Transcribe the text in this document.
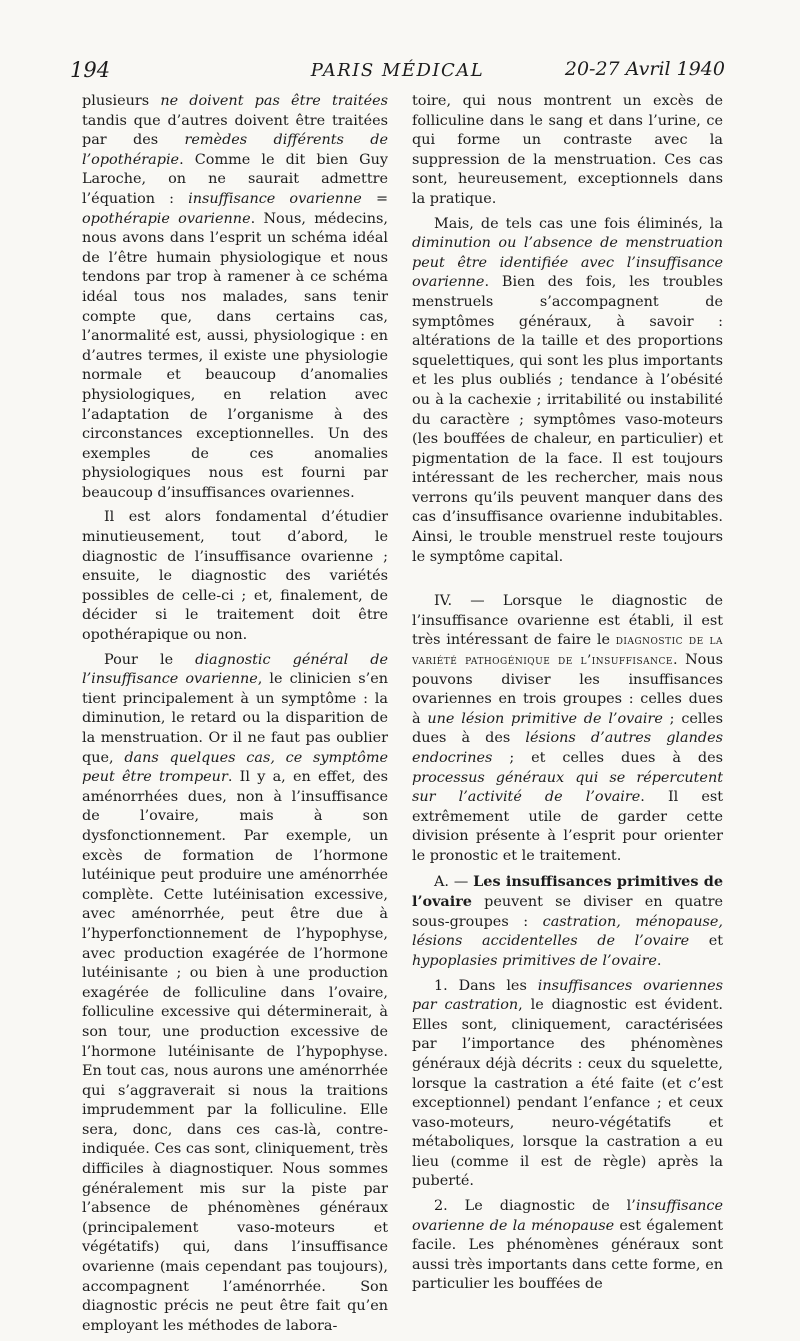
194	PARIS MÉDICAL	20-27 Avril 1940

plusieurs ne doivent pas être traitées tandis que d’autres doivent être traitées par des remèdes différents de l’opothérapie. Comme le dit bien Guy Laroche, on ne saurait admettre l’équation : insuffisance ovarienne = opothérapie ovarienne. Nous, médecins, nous avons dans l’esprit un schéma idéal de l’être humain physiologique et nous tendons par trop à ramener à ce schéma idéal tous nos malades, sans tenir compte que, dans certains cas, l’anormalité est, aussi, physiologique : en d’autres termes, il existe une physiologie normale et beaucoup d’anomalies physiologiques, en relation avec l’adaptation de l’organisme à des circonstances exceptionnelles. Un des exemples de ces anomalies physiologiques nous est fourni par beaucoup d’insuffisances ovariennes.

Il est alors fondamental d’étudier minutieusement, tout d’abord, le diagnostic de l’insuffisance ovarienne ; ensuite, le diagnostic des variétés possibles de celle-ci ; et, finalement, de décider si le traitement doit être opothérapique ou non.

Pour le diagnostic général de l’insuffisance ovarienne, le clinicien s’en tient principalement à un symptôme : la diminution, le retard ou la disparition de la menstruation. Or il ne faut pas oublier que, dans quelques cas, ce symptôme peut être trompeur. Il y a, en effet, des aménorrhées dues, non à l’insuffisance de l’ovaire, mais à son dysfonctionnement. Par exemple, un excès de formation de l’hormone lutéinique peut produire une aménorrhée complète. Cette lutéinisation excessive, avec aménorrhée, peut être due à l’hyperfonctionnement de l’hypophyse, avec production exagérée de l’hormone lutéinisante ; ou bien à une production exagérée de folliculine dans l’ovaire, folliculine excessive qui déterminerait, à son tour, une production excessive de l’hormone lutéinisante de l’hypophyse. En tout cas, nous aurons une aménorrhée qui s’aggraverait si nous la traitions imprudemment par la folliculine. Elle sera, donc, dans ces cas-là, contre-indiquée. Ces cas sont, cliniquement, très difficiles à diagnostiquer. Nous sommes généralement mis sur la piste par l’absence de phénomènes généraux (principalement vaso-moteurs et végétatifs) qui, dans l’insuffisance ovarienne (mais cependant pas toujours), accompagnent l’aménorrhée. Son diagnostic précis ne peut être fait qu’en employant les méthodes de labora-

toire, qui nous montrent un excès de folliculine dans le sang et dans l’urine, ce qui forme un contraste avec la suppression de la menstruation. Ces cas sont, heureusement, exceptionnels dans la pratique.

Mais, de tels cas une fois éliminés, la diminution ou l’absence de menstruation peut être identifiée avec l’insuffisance ovarienne. Bien des fois, les troubles menstruels s’accompagnent de symptômes généraux, à savoir : altérations de la taille et des proportions squelettiques, qui sont les plus importants et les plus oubliés ; tendance à l’obésité ou à la cachexie ; irritabilité ou instabilité du caractère ; symptômes vaso-moteurs (les bouffées de chaleur, en particulier) et pigmentation de la face. Il est toujours intéressant de les rechercher, mais nous verrons qu’ils peuvent manquer dans des cas d’insuffisance ovarienne indubitables. Ainsi, le trouble menstruel reste toujours le symptôme capital.

IV. — Lorsque le diagnostic de l’insuffisance ovarienne est établi, il est très intéressant de faire le diagnostic de la variété pathogénique de l’insuffisance. Nous pouvons diviser les insuffisances ovariennes en trois groupes : celles dues à une lésion primitive de l’ovaire ; celles dues à des lésions d’autres glandes endocrines ; et celles dues à des processus généraux qui se répercutent sur l’activité de l’ovaire. Il est extrêmement utile de garder cette division présente à l’esprit pour orienter le pronostic et le traitement.

A. — Les insuffisances primitives de l’ovaire peuvent se diviser en quatre sous-groupes : castration, ménopause, lésions accidentelles de l’ovaire et hypoplasies primitives de l’ovaire.

1. Dans les insuffisances ovariennes par castration, le diagnostic est évident. Elles sont, cliniquement, caractérisées par l’importance des phénomènes généraux déjà décrits : ceux du squelette, lorsque la castration a été faite (et c’est exceptionnel) pendant l’enfance ; et ceux vaso-moteurs, neuro-végétatifs et métaboliques, lorsque la castration a eu lieu (comme il est de règle) après la puberté.

2. Le diagnostic de l’insuffisance ovarienne de la ménopause est également facile. Les phénomènes généraux sont aussi très importants dans cette forme, en particulier les bouffées de
